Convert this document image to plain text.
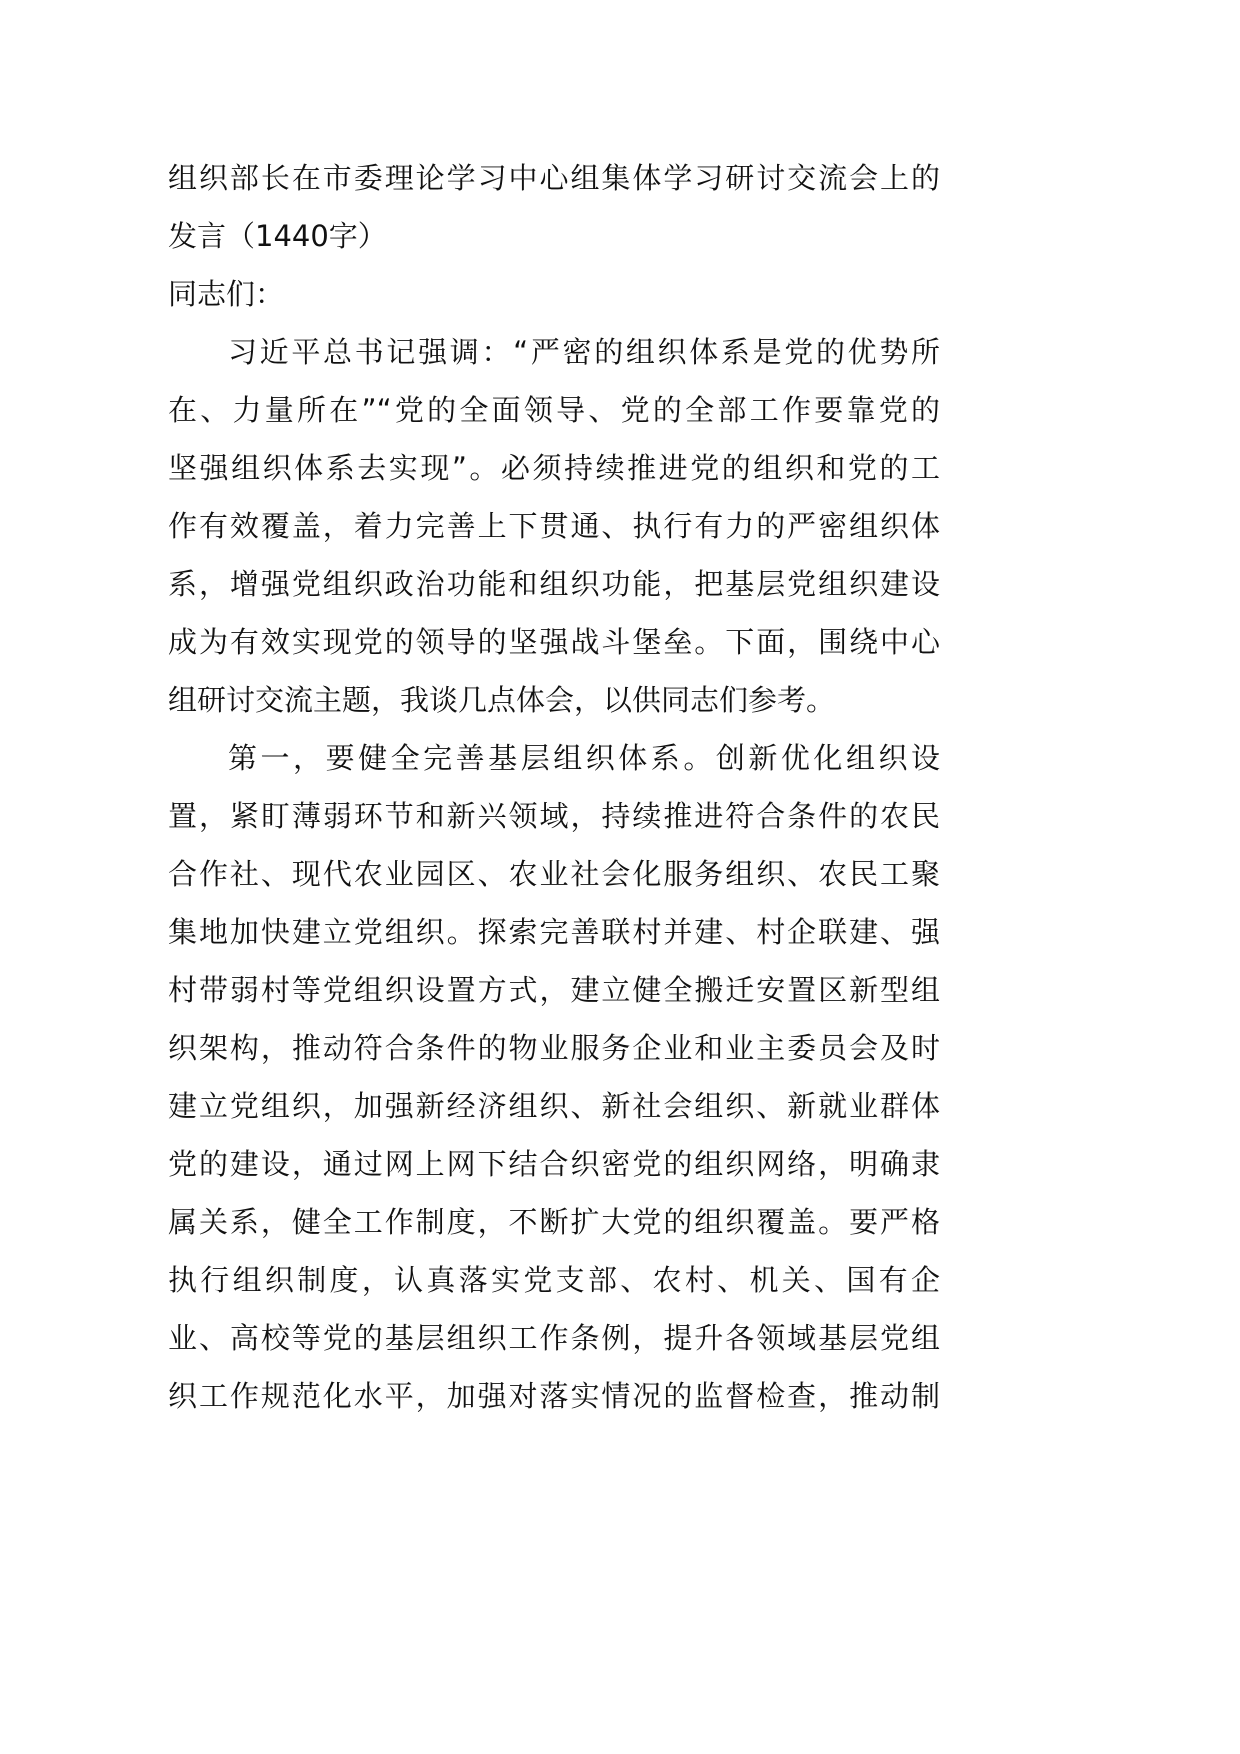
组织部长在市委理论学习中心组集体学习研讨交流会上的
发言（1440字）
同志们：
习近平总书记强调：“严密的组织体系是党的优势所
在、力量所在”“党的全面领导、党的全部工作要靠党的
坚强组织体系去实现”。必须持续推进党的组织和党的工
作有效覆盖，着力完善上下贯通、执行有力的严密组织体
系，增强党组织政治功能和组织功能，把基层党组织建设
成为有效实现党的领导的坚强战斗堡垒。下面，围绕中心
组研讨交流主题，我谈几点体会，以供同志们参考。
第一，要健全完善基层组织体系。创新优化组织设
置，紧盯薄弱环节和新兴领域，持续推进符合条件的农民
合作社、现代农业园区、农业社会化服务组织、农民工聚
集地加快建立党组织。探索完善联村并建、村企联建、强
村带弱村等党组织设置方式，建立健全搬迁安置区新型组
织架构，推动符合条件的物业服务企业和业主委员会及时
建立党组织，加强新经济组织、新社会组织、新就业群体
党的建设，通过网上网下结合织密党的组织网络，明确隶
属关系，健全工作制度，不断扩大党的组织覆盖。要严格
执行组织制度，认真落实党支部、农村、机关、国有企
业、高校等党的基层组织工作条例，提升各领域基层党组
织工作规范化水平，加强对落实情况的监督检查，推动制
